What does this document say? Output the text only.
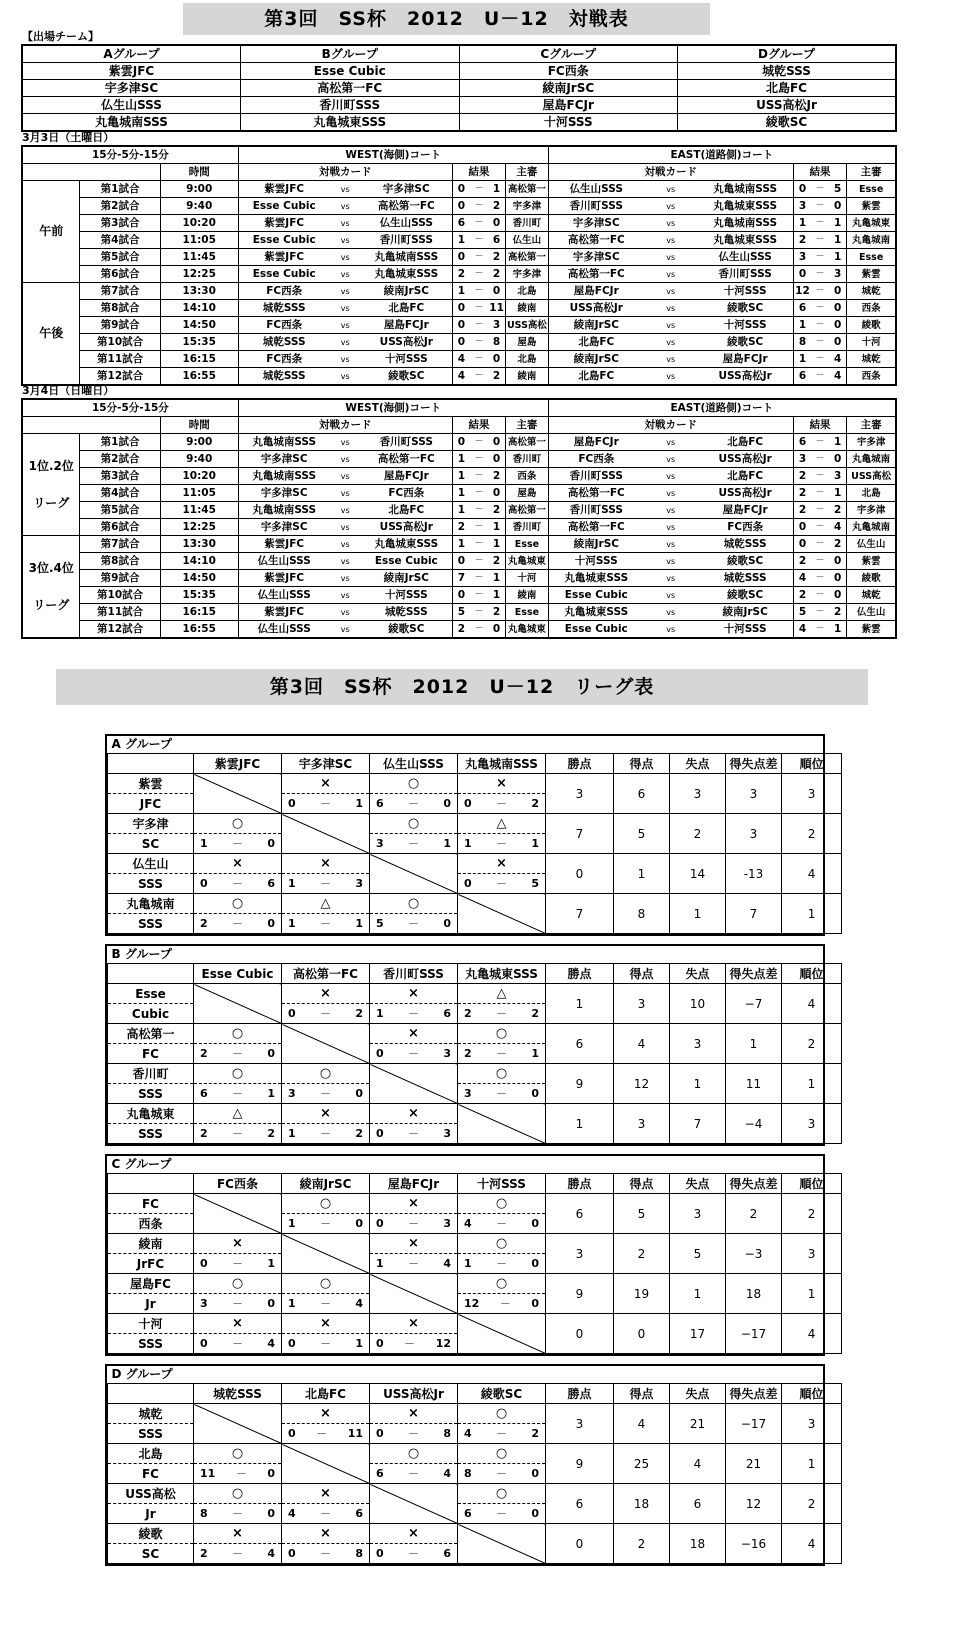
第3回　SS杯　2012　U－12　対戦表
【出場チーム】
Aグループ	Bグループ	Cグループ	Dグループ
紫雲JFC	Esse Cubic	FC西条	城乾SSS
宇多津SC	高松第一FC	綾南JrSC	北島FC
仏生山SSS	香川町SSS	屋島FCJr	USS高松Jr
丸亀城南SSS	丸亀城東SSS	十河SSS	綾歌SC
3月3日（土曜日）
15分-5分-15分			WEST(海側)コート							EAST(道路側)コート						
		時間	対戦カード			結果			主審	対戦カード			結果			主審
午前	第1試合	9:00	紫雲JFC	vs	宇多津SC	0	－	1	高松第一	仏生山SSS	vs	丸亀城南SSS	0	－	5	Esse
	第2試合	9:40	Esse Cubic	vs	高松第一FC	0	－	2	宇多津	香川町SSS	vs	丸亀城東SSS	3	－	0	紫雲
	第3試合	10:20	紫雲JFC	vs	仏生山SSS	6	－	0	香川町	宇多津SC	vs	丸亀城南SSS	1	－	1	丸亀城東
	第4試合	11:05	Esse Cubic	vs	香川町SSS	1	－	6	仏生山	高松第一FC	vs	丸亀城東SSS	2	－	1	丸亀城南
	第5試合	11:45	紫雲JFC	vs	丸亀城南SSS	0	－	2	高松第一	宇多津SC	vs	仏生山SSS	3	－	1	Esse
	第6試合	12:25	Esse Cubic	vs	丸亀城東SSS	2	－	2	宇多津	高松第一FC	vs	香川町SSS	0	－	3	紫雲
午後	第7試合	13:30	FC西条	vs	綾南JrSC	1	－	0	北島	屋島FCJr	vs	十河SSS	12	－	0	城乾
	第8試合	14:10	城乾SSS	vs	北島FC	0	－	11	綾南	USS高松Jr	vs	綾歌SC	6	－	0	西条
	第9試合	14:50	FC西条	vs	屋島FCJr	0	－	3	USS高松	綾南JrSC	vs	十河SSS	1	－	0	綾歌
	第10試合	15:35	城乾SSS	vs	USS高松Jr	0	－	8	屋島	北島FC	vs	綾歌SC	8	－	0	十河
	第11試合	16:15	FC西条	vs	十河SSS	4	－	0	北島	綾南JrSC	vs	屋島FCJr	1	－	4	城乾
	第12試合	16:55	城乾SSS	vs	綾歌SC	4	－	2	綾南	北島FC	vs	USS高松Jr	6	－	4	西条
3月4日（日曜日）
15分-5分-15分			WEST(海側)コート							EAST(道路側)コート						
		時間	対戦カード			結果			主審	対戦カード			結果			主審

1位.2位
リーグ	第1試合	9:00	丸亀城南SSS	vs	香川町SSS	0	－	0	高松第一	屋島FCJr	vs	北島FC	6	－	1	宇多津
	第2試合	9:40	宇多津SC	vs	高松第一FC	1	－	0	香川町	FC西条	vs	USS高松Jr	3	－	0	丸亀城南
	第3試合	10:20	丸亀城南SSS	vs	屋島FCJr	1	－	2	西条	香川町SSS	vs	北島FC	2	－	3	USS高松
	第4試合	11:05	宇多津SC	vs	FC西条	1	－	0	屋島	高松第一FC	vs	USS高松Jr	2	－	1	北島
	第5試合	11:45	丸亀城南SSS	vs	北島FC	1	－	2	高松第一	香川町SSS	vs	屋島FCJr	2	－	2	宇多津
	第6試合	12:25	宇多津SC	vs	USS高松Jr	2	－	1	香川町	高松第一FC	vs	FC西条	0	－	4	丸亀城南

3位.4位
リーグ	第7試合	13:30	紫雲JFC	vs	丸亀城東SSS	1	－	1	Esse	綾南JrSC	vs	城乾SSS	0	－	2	仏生山
	第8試合	14:10	仏生山SSS	vs	Esse Cubic	0	－	2	丸亀城東	十河SSS	vs	綾歌SC	2	－	0	紫雲
	第9試合	14:50	紫雲JFC	vs	綾南JrSC	7	－	1	十河	丸亀城東SSS	vs	城乾SSS	4	－	0	綾歌
	第10試合	15:35	仏生山SSS	vs	十河SSS	0	－	1	綾南	Esse Cubic	vs	綾歌SC	2	－	0	城乾
	第11試合	16:15	紫雲JFC	vs	城乾SSS	5	－	2	Esse	丸亀城東SSS	vs	綾南JrSC	5	－	2	仏生山
	第12試合	16:55	仏生山SSS	vs	綾歌SC	2	－	0	丸亀城東	Esse Cubic	vs	十河SSS	4	－	1	紫雲
第3回　SS杯　2012　U－12　リーグ表
A グループ									
	紫雲JFC	宇多津SC	仏生山SSS	丸亀城南SSS	勝点	得点	失点	得失点差	順位
紫雲		×	○	×	3	6	3	3	3
JFC		0 － 1	6 － 0	0 － 2					

宇多津	○		○	△	7	5	2	3	2
SC	1 － 0		3 － 1	1 － 1					

仏生山	×	×		×	0	1	14	-13	4
SSS	0 － 6	1 － 3		0 － 5					

丸亀城南	○	△	○		7	8	1	7	1
SSS	2 － 0	1 － 1	5 － 0						
B グループ									
	Esse Cubic	高松第一FC	香川町SSS	丸亀城東SSS	勝点	得点	失点	得失点差	順位
Esse		×	×	△	1	3	10	−7	4
Cubic		0 － 2	1 － 6	2 － 2					

高松第一	○		×	○	6	4	3	1	2
FC	2 － 0		0 － 3	2 － 1					

香川町	○	○		○	9	12	1	11	1
SSS	6 － 1	3 － 0		3 － 0					

丸亀城東	△	×	×		1	3	7	−4	3
SSS	2 － 2	1 － 2	0 － 3						
C グループ									
	FC西条	綾南JrSC	屋島FCJr	十河SSS	勝点	得点	失点	得失点差	順位
FC		○	×	○	6	5	3	2	2
西条		1 － 0	0 － 3	4 － 0					

綾南	×		×	○	3	2	5	−3	3
JrFC	0 － 1		1 － 4	1 － 0					

屋島FC	○	○		○	9	19	1	18	1
Jr	3 － 0	1 － 4		12 － 0					

十河	×	×	×		0	0	17	−17	4
SSS	0 － 4	0 － 1	0 － 12						
D グループ									
	城乾SSS	北島FC	USS高松Jr	綾歌SC	勝点	得点	失点	得失点差	順位
城乾		×	×	○	3	4	21	−17	3
SSS		0 － 11	0 － 8	4 － 2					

北島	○		○	○	9	25	4	21	1
FC	11 － 0		6 － 4	8 － 0					

USS高松	○	×		○	6	18	6	12	2
Jr	8 － 0	4 － 6		6 － 0					

綾歌	×	×	×		0	2	18	−16	4
SC	2 － 4	0 － 8	0 － 6						
